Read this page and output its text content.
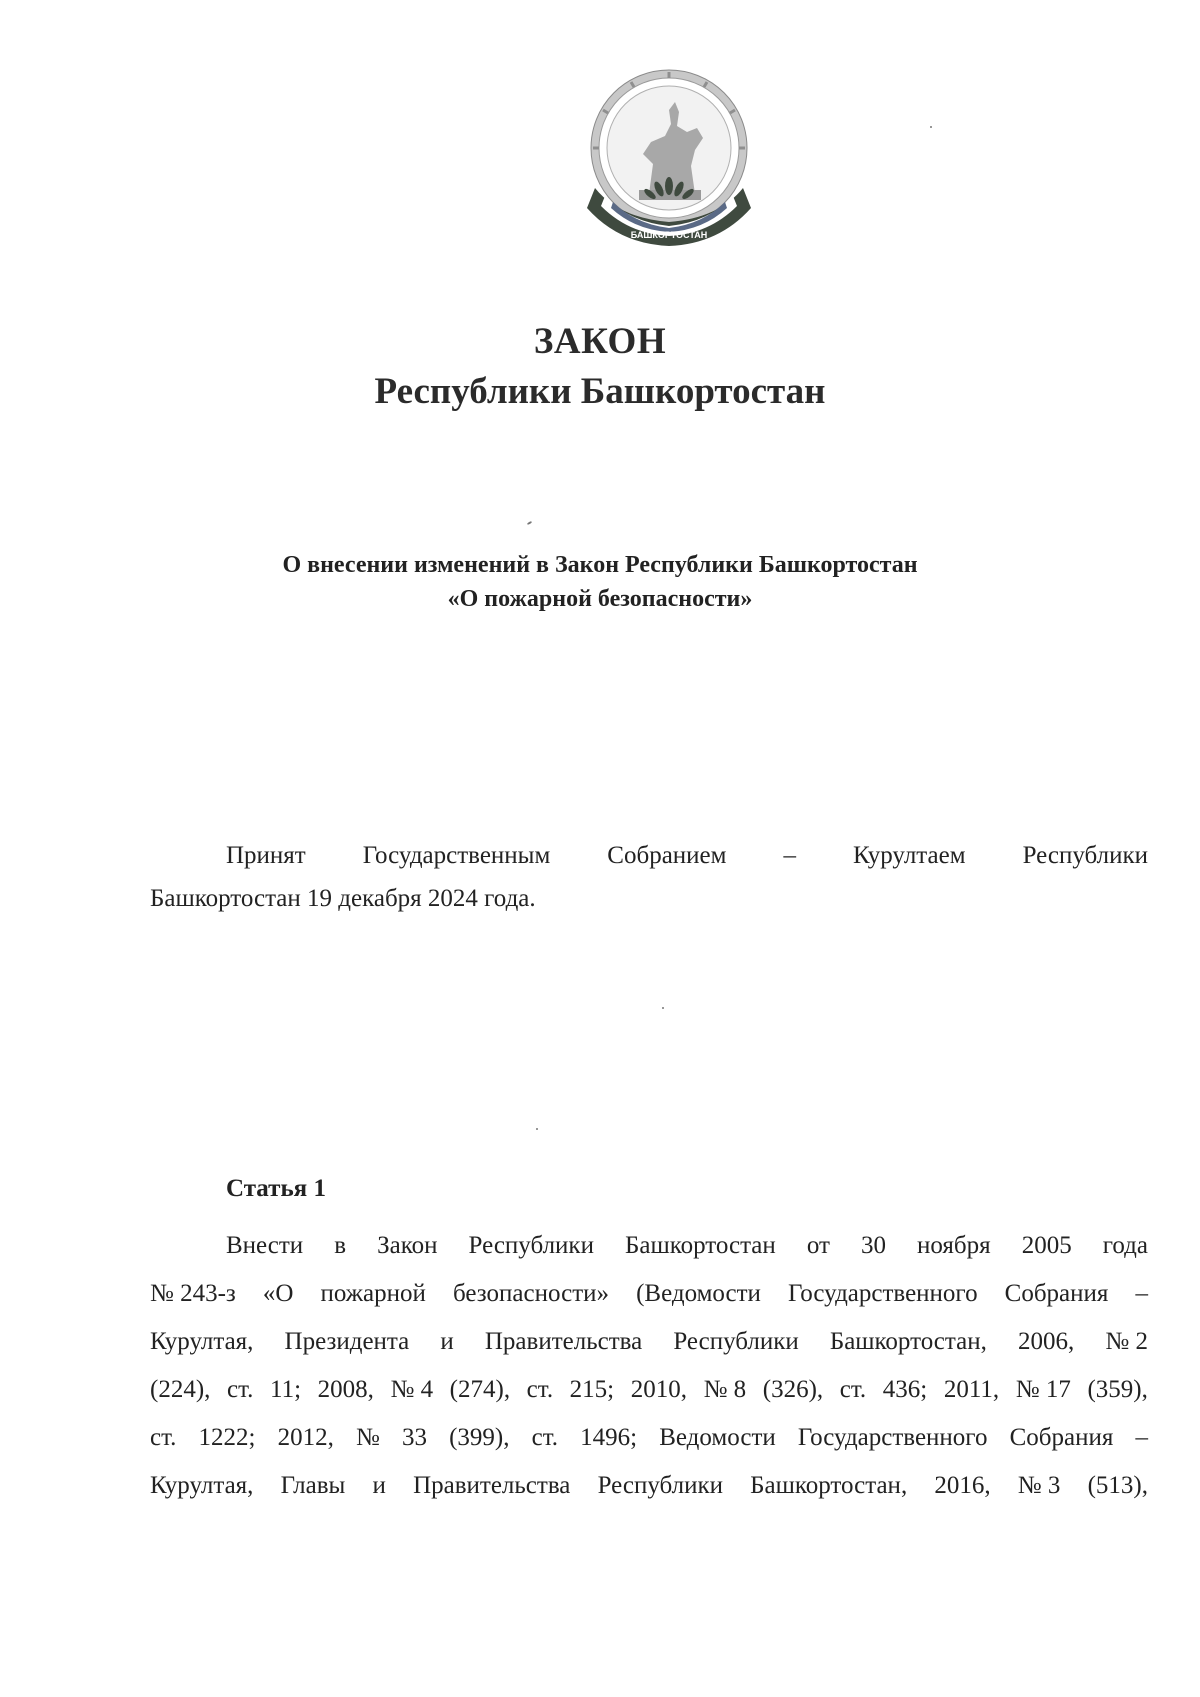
БАШКОРТОСТАН
ЗАКОН
Республики Башкортостан
О внесении изменений в Закон Республики Башкортостан
«О пожарной безопасности»
Принят Государственным Собранием – Курултаем Республики
Башкортостан 19 декабря 2024 года.
Статья 1
Внести в Закон Республики Башкортостан от 30 ноября 2005 года
№ 243-з «О пожарной безопасности» (Ведомости Государственного Собрания –
Курултая, Президента и Правительства Республики Башкортостан, 2006, № 2
(224), ст. 11; 2008, № 4 (274), ст. 215; 2010, № 8 (326), ст. 436; 2011, № 17 (359),
ст. 1222; 2012, № 33 (399), ст. 1496; Ведомости Государственного Собрания –
Курултая, Главы и Правительства Республики Башкортостан, 2016, № 3 (513),
